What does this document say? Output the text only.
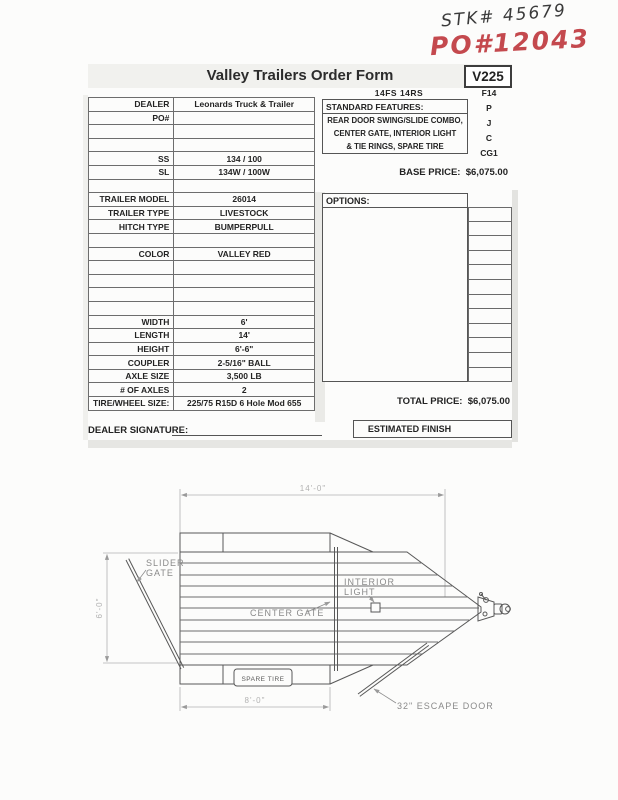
STK# 45679
PO#12043
Valley Trailers Order Form	V225
14FS 14RS	F14
P
J
C
CG1
STANDARD FEATURES:
REAR DOOR SWING/SLIDE COMBO,
CENTER GATE, INTERIOR LIGHT
& TIE RINGS, SPARE TIRE
BASE PRICE: $6,075.00
OPTIONS:
TOTAL PRICE: $6,075.00
ESTIMATED FINISH
DEALER	Leonards Truck & Trailer
PO#	

SS	134 / 100
SL	134W / 100W

TRAILER MODEL	26014
TRAILER TYPE	LIVESTOCK
HITCH TYPE	BUMPERPULL

COLOR	VALLEY RED

WIDTH	6'
LENGTH	14'
HEIGHT	6'-6"
COUPLER	2-5/16" BALL
AXLE SIZE	3,500 LB
# OF AXLES	2
TIRE/WHEEL SIZE:	225/75 R15D 6 Hole Mod 655
DEALER SIGNATURE:
14'-0"
6'-0"
8'-0"
SLIDER
GATE
CENTER GATE
INTERIOR
LIGHT
SPARE TIRE
32" ESCAPE DOOR
